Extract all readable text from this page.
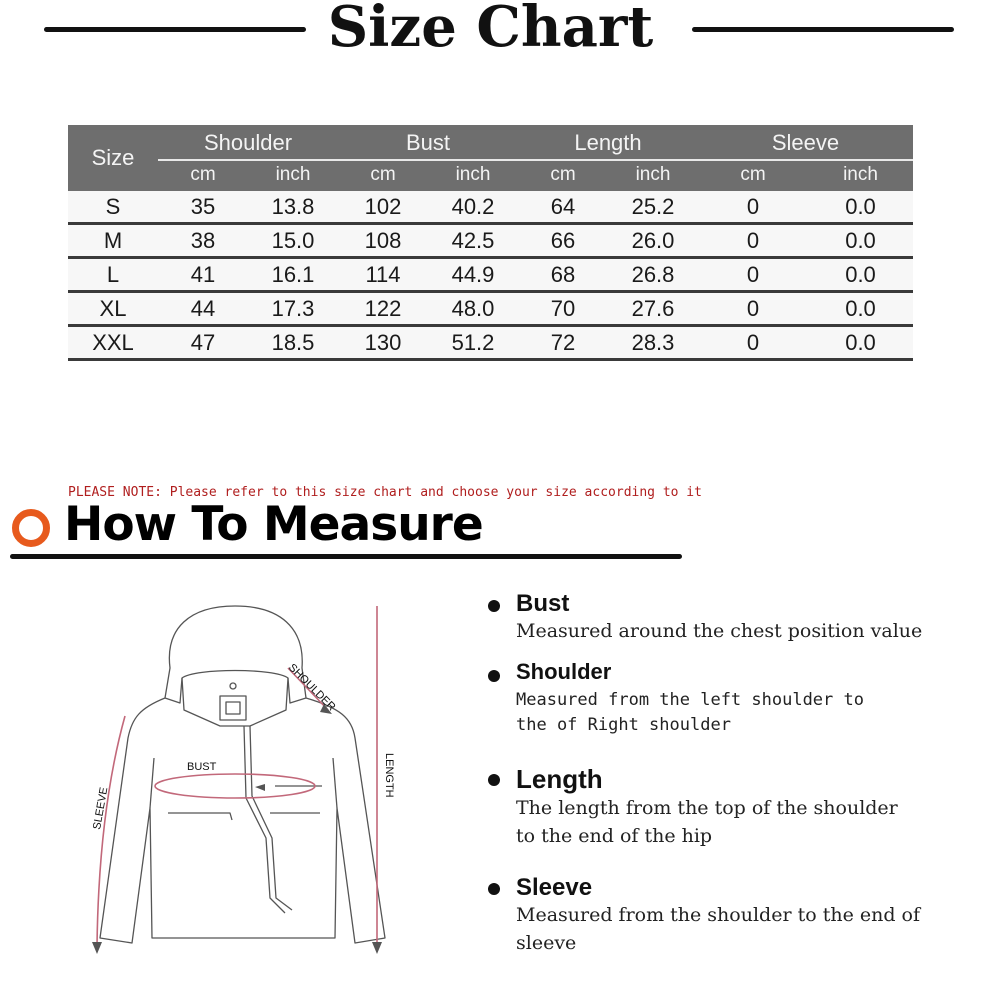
Size Chart
Size
Shoulder	Bust	Length	Sleeve
cm	inch	cm	inch	cm	inch	cm	inch
S	35	13.8	102	40.2	64	25.2	0	0.0
M	38	15.0	108	42.5	66	26.0	0	0.0
L	41	16.1	114	44.9	68	26.8	0	0.0
XL	44	17.3	122	48.0	70	27.6	0	0.0
XXL	47	18.5	130	51.2	72	28.3	0	0.0
PLEASE NOTE: Please refer to this size chart and choose your size according to it
How To Measure
BUST
SHOULDER
LENGTH
SLEEVE
Bust
Measured around the chest position value
Shoulder
Measured from the left shoulder to the of Right shoulder
Length
The length from the top of the shoulder to the end of the hip
Sleeve
Measured from the shoulder to the end of sleeve
